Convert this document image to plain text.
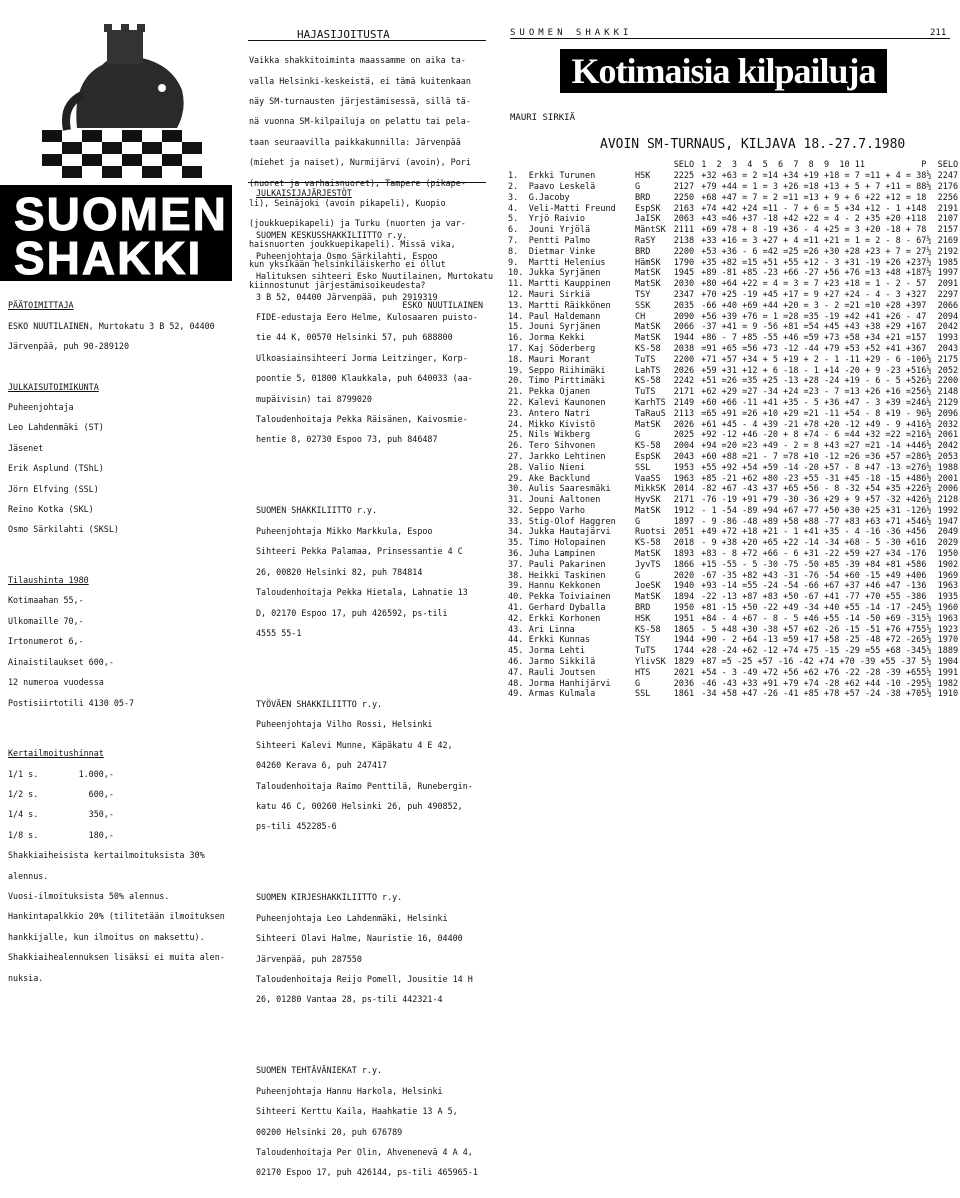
SUOMEN
SHAKKI

PÄÄTOIMITTAJA

ESKO NUUTILAINEN, Murtokatu 3 B 52, 04400

Järvenpää, puh 90-289120

JULKAISUTOIMIKUNTA

Puheenjohtaja

Leo Lahdenmäki (ST)

Jäsenet

Erik Asplund (TShL)

Jörn Elfving (SSL)

Reino Kotka (SKL)

Osmo Särkilahti (SKSL)

Tilaushinta 1980

Kotimaahan 55,-

Ulkomaille 70,-

Irtonumerot 6,-

Ainaistilaukset 600,-

12 numeroa vuodessa

Postisiirtotili 4130 05-7

Kertailmoitushinnat

1/1 s.        1.000,-

1/2 s.          600,-

1/4 s.          350,-

1/8 s.          180,-

Shakkiaiheisista kertailmoituksista 30%

alennus.

Vuosi-ilmoituksista 50% alennus.

Hankintapalkkio 20% (tilitetään ilmoituksen

hankkijalle, kun ilmoitus on maksettu).

Shakkiaihealennuksen lisäksi ei muita alen-

nuksia.

HAJASIJOITUSTA

Vaikka shakkitoiminta maassamme on aika ta-

valla Helsinki-keskeistä, ei tämä kuitenkaan

näy SM-turnausten järjestämisessä, sillä tä-

nä vuonna SM-kilpailuja on pelattu tai pela-

taan seuraavilla paikkakunnilla: Järvenpää

(miehet ja naiset), Nurmijärvi (avoin), Pori

(nuoret ja varhaisnuoret), Tampere (pikape-

li), Seinäjoki (avoin pikapeli), Kuopio

(joukkuepikapeli) ja Turku (nuorten ja var-

haisnuorten joukkuepikapeli). Missä vika,

kun yksikään helsinkiläiskerho ei ollut

kiinnostunut järjestämisoikeudesta?

ESKO NUUTILAINEN

JULKAISIJAJÄRJESTÖT

SUOMEN KESKUSSHAKKILIITTO r.y.

Puheenjohtaja Osmo Särkilahti, Espoo

Halituksen sihteeri Esko Nuutilainen, Murtokatu

3 B 52, 04400 Järvenpää, puh 2919319

FIDE-edustaja Eero Helme, Kulosaaren puisto-

tie 44 K, 00570 Helsinki 57, puh 688800

Ulkoasiainsihteeri Jorma Leitzinger, Korp-

poontie 5, 01800 Klaukkala, puh 640033 (aa-

mupäivisin) tai 8799020

Taloudenhoitaja Pekka Räisänen, Kaivosmie-

hentie 8, 02730 Espoo 73, puh 846487

SUOMEN SHAKKILIITTO r.y.

Puheenjohtaja Mikko Markkula, Espoo

Sihteeri Pekka Palamaa, Prinsessantie 4 C

26, 00820 Helsinki 82, puh 784814

Taloudenhoitaja Pekka Hietala, Lahnatie 13

D, 02170 Espoo 17, puh 426592, ps-tili

4555 55-1

TYÖVÄEN SHAKKILIITTO r.y.

Puheenjohtaja Vilho Rossi, Helsinki

Sihteeri Kalevi Munne, Käpäkatu 4 E 42,

04260 Kerava 6, puh 247417

Taloudenhoitaja Raimo Penttilä, Runebergin-

katu 46 C, 00260 Helsinki 26, puh 490852,

ps-tili 452285-6

SUOMEN KIRJESHAKKILIITTO r.y.

Puheenjohtaja Leo Lahdenmäki, Helsinki

Sihteeri Olavi Halme, Nauristie 16, 04400

Järvenpää, puh 287550

Taloudenhoitaja Reijo Pomell, Jousitie 14 H

26, 01280 Vantaa 28, ps-tili 442321-4

SUOMEN TEHTÄVÄNIEKAT r.y.

Puheenjohtaja Hannu Harkola, Helsinki

Sihteeri Kerttu Kaila, Haahkatie 13 A 5,

00200 Helsinki 20, puh 676789

Taloudenhoitaja Per Olin, Ahvenenevä 4 A 4,

02170 Espoo 17, puh 426144, ps-tili 465965-1

SUOMEN SHAKKI	211
Kotimaisia kilpailuja
MAURI SIRKIÄ
AVOIN SM-TURNAUS, KILJAVA 18.-27.7.1980
			SELO	1  2  3  4  5  6  7  8  9  10 11	P	SELO
1.	Erkki Turunen	HSK	2225	+32 +63 = 2 =14 +34 +19 +18 = 7 =11 + 4 = 3	8½	2247
2.	Paavo Leskelä	G	2127	+79 +44 = 1 = 3 +26 =18 +13 + 5 + 7 +11 = 8	8½	2176
3.	G.Jacoby	BRD	2250	+68 +47 = 7 = 2 =11 =13 + 9 + 6 +22 +12 = 1	8	2256
4.	Veli-Matti Freund	EspSK	2163	+74 +42 +24 =11 - 7 + 6 = 5 +34 +12 - 1 +14	8	2191
5.	Yrjö Raivio	JaISK	2063	+43 =46 +37 -18 +42 +22 = 4 - 2 +35 +20 +11	8	2107
6.	Jouni Yrjölä	MäntSK	2111	+69 +78 + 8 -19 +36 - 4 +25 = 3 +20 -18 + 7	8	2157
7.	Pentti Palmo	RaSY	2138	+33 +16 = 3 +27 + 4 =11 +21 = 1 = 2 - 8 - 6	7½	2169
8.	Dietmar Vinke	BRD	2200	+53 +36 - 6 =42 =25 =26 +30 +28 +23 + 7 = 2	7½	2192
9.	Martti Helenius	HämSK	1790	+35 +82 =15 +51 +55 +12 - 3 +31 -19 +26 +23	7½	1985
10.	Jukka Syrjänen	MatSK	1945	+89 -81 +85 -23 +66 -27 +56 +76 =13 +48 +18	7½	1997
11.	Martti Kauppinen	MatSK	2030	+80 +64 +22 = 4 = 3 = 7 +23 +18 = 1 - 2 - 5	7	2091
12.	Mauri Sirkiä	TSY	2347	+70 +25 -19 +45 +17 = 9 +27 +24 - 4 - 3 +32	7	2297
13.	Martti Räikkönen	SSK	2035	-66 +40 +69 +44 +20 = 3 - 2 =21 =10 +28 +39	7	2066
14.	Paul Haldemann	CH	2090	+56 +39 +76 = 1 =28 =35 -19 +42 +41 +26 - 4	7	2094
15.	Jouni Syrjänen	MatSK	2066	-37 +41 = 9 -56 +81 =54 +45 +43 +38 +29 +16	7	2042
16.	Jorma Kekki	MatSK	1944	+86 - 7 +85 -55 +46 =59 +73 +58 +34 +21 =15	7	1993
17.	Kaj Söderberg	KS-58	2038	=91 +65 =56 +73 -12 -44 +79 +53 +52 +41 +36	7	2043
18.	Mauri Morant	TuTS	2200	+71 +57 +34 + 5 +19 + 2 - 1 -11 +29 - 6 -10	6½	2175
19.	Seppo Riihimäki	LahTS	2026	+59 +31 +12 + 6 -18 - 1 +14 -20 + 9 -23 +51	6½	2052
20.	Timo Pirttimäki	KS-58	2242	+51 =26 =35 +25 -13 +28 -24 +19 - 6 - 5 +52	6½	2200
21.	Pekka Ojanen	TuTS	2171	+62 +29 =27 -34 +24 =23 - 7 =13 +26 +16 =25	6½	2148
22.	Kalevi Kaunonen	KarhTS	2149	+60 +66 -11 +41 +35 - 5 +36 +47 - 3 +39 =24	6½	2129
23.	Antero Natri	TaRauS	2113	=65 +91 =26 +10 +29 =21 -11 +54 - 8 +19 - 9	6½	2096
24.	Mikko Kivistö	MatSK	2026	+61 +45 - 4 +39 -21 +78 +20 -12 +49 - 9 +41	6½	2032
25.	Nils Wikberg	G	2025	+92 -12 +46 -20 + 8 +74 - 6 =44 +32 =22 =21	6½	2061
26.	Tero Sihvonen	KS-58	2004	+94 =20 =23 +49 - 2 = 8 +43 =27 =21 -14 +44	6½	2042
27.	Jarkko Lehtinen	EspSK	2043	+60 +88 =21 - 7 =78 +10 -12 =26 =36 +57 =28	6½	2053
28.	Valio Nieni	SSL	1953	+55 +92 +54 +59 -14 -20 +57 - 8 +47 -13 =27	6½	1988
29.	Ake Backlund	VaaSS	1963	+85 -21 +62 +80 -23 +55 -31 +45 -18 -15 +48	6½	2001
30.	Aulis Saaresmäki	MikkSK	2014	-82 +67 -43 +37 +65 +56 - 8 -32 +54 +35 +22	6½	2006
31.	Jouni Aaltonen	HyvSK	2171	-76 -19 +91 +79 -30 -36 +29 + 9 +57 -32 +42	6½	2128
32.	Seppo Varho	MatSK	1912	- 1 -54 -89 +94 +67 +77 +50 +30 +25 +31 -12	6½	1992
33.	Stig-Olof Haggren	G	1897	- 9 -86 -48 +89 +58 +88 -77 +83 +63 +71 +54	6½	1947
34.	Jukka Hautajärvi	Ruotsi	2051	+49 +72 +18 +21 - 1 +41 +35 - 4 -16 -36 +45	6	2049
35.	Timo Holopainen	KS-58	2018	- 9 +38 +20 +65 +22 -14 -34 +68 - 5 -30 +61	6	2029
36.	Juha Lampinen	MatSK	1893	+83 - 8 +72 +66 - 6 +31 -22 +59 +27 +34 -17	6	1950
37.	Pauli Pakarinen	JyvTS	1866	+15 -55 - 5 -30 -75 -50 +85 -39 +84 +81 +58	6	1902
38.	Heikki Taskinen	G	2020	-67 -35 +82 +43 -31 -76 -54 +60 -15 +49 +40	6	1969
39.	Hannu Kekkonen	JoeSK	1940	+93 -14 =55 -24 -54 -66 +67 +37 +46 +47 -13	6	1963
40.	Pekka Toiviainen	MatSK	1894	-22 -13 +87 +83 +50 -67 +41 -77 +70 +55 -38	6	1935
41.	Gerhard Dyballa	BRD	1950	+81 -15 +50 -22 +49 -34 +40 +55 -14 -17 -24	5½	1960
42.	Erkki Korhonen	HSK	1951	+84 - 4 +67 - 8 - 5 +46 +55 -14 -50 +69 -31	5½	1963
43.	Ari Linna	KS-58	1865	- 5 +48 +30 -38 +57 +62 -26 -15 -51 +76 +75	5½	1923
44.	Erkki Kunnas	TSY	1944	+90 - 2 +64 -13 =59 +17 +58 -25 -48 +72 -26	5½	1970
45.	Jorma Lehti	TuTS	1744	+28 -24 +62 -12 +74 +75 -15 -29 =55 +68 -34	5½	1889
46.	Jarmo Sikkilä	YlivSK	1829	+87 =5 -25 +57 -16 -42 +74 +70 -39 +55 -37	5½	1904
47.	Rauli Joutsen	HTS	2021	+54 - 3 -49 +72 +56 +62 +76 -22 -28 -39 +65	5½	1991
48.	Jorma Hanhijärvi	G	2036	-46 -43 +33 +91 +79 +74 -28 +62 +44 -10 -29	5½	1982
49.	Armas Kulmala	SSL	1861	-34 +58 +47 -26 -41 +85 +78 +57 -24 -38 +70	5½	1910
